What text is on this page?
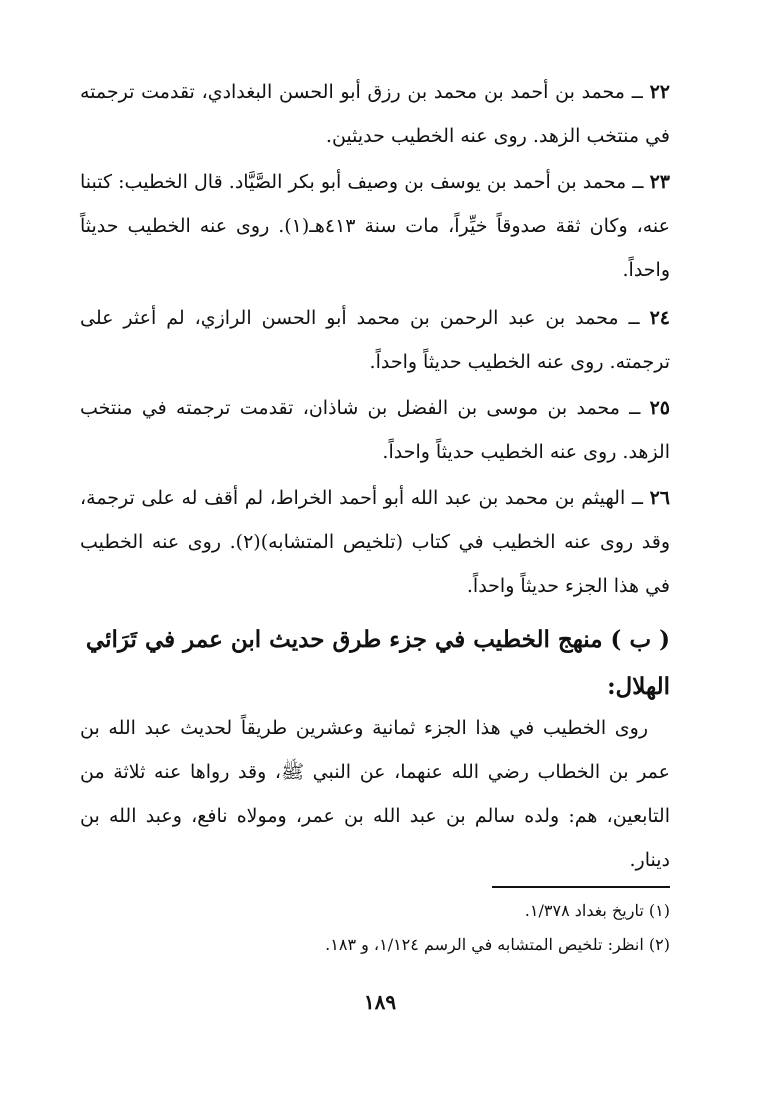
٢٢ ــ محمد بن أحمد بن محمد بن رزق أبو الحسن البغدادي، تقدمت ترجمته في منتخب الزهد. روى عنه الخطيب حديثين.

٢٣ ــ محمد بن أحمد بن يوسف بن وصيف أبو بكر الصَّيَّاد. قال الخطيب: كتبنا عنه، وكان ثقة صدوقاً خيِّراً، مات سنة ٤١٣هـ(١). روى عنه الخطيب حديثاً واحداً.

٢٤ ــ محمد بن عبد الرحمن بن محمد أبو الحسن الرازي، لم أعثر على ترجمته. روى عنه الخطيب حديثاً واحداً.

٢٥ ــ محمد بن موسى بن الفضل بن شاذان، تقدمت ترجمته في منتخب الزهد. روى عنه الخطيب حديثاً واحداً.

٢٦ ــ الهيثم بن محمد بن عبد الله أبو أحمد الخراط، لم أقف له على ترجمة، وقد روى عنه الخطيب في كتاب (تلخيص المتشابه)(٢). روى عنه الخطيب في هذا الجزء حديثاً واحداً.

( ب ) منهج الخطيب في جزء طرق حديث ابن عمر في تَرَائي الهلال:

روى الخطيب في هذا الجزء ثمانية وعشرين طريقاً لحديث عبد الله بن عمر بن الخطاب رضي الله عنهما، عن النبي ﷺ، وقد رواها عنه ثلاثة من التابعين، هم: ولده سالم بن عبد الله بن عمر، ومولاه نافع، وعبد الله بن دينار.

(١) تاريخ بغداد ١/٣٧٨.
(٢) انظر: تلخيص المتشابه في الرسم ١/١٢٤، و ١٨٣.
١٨٩
